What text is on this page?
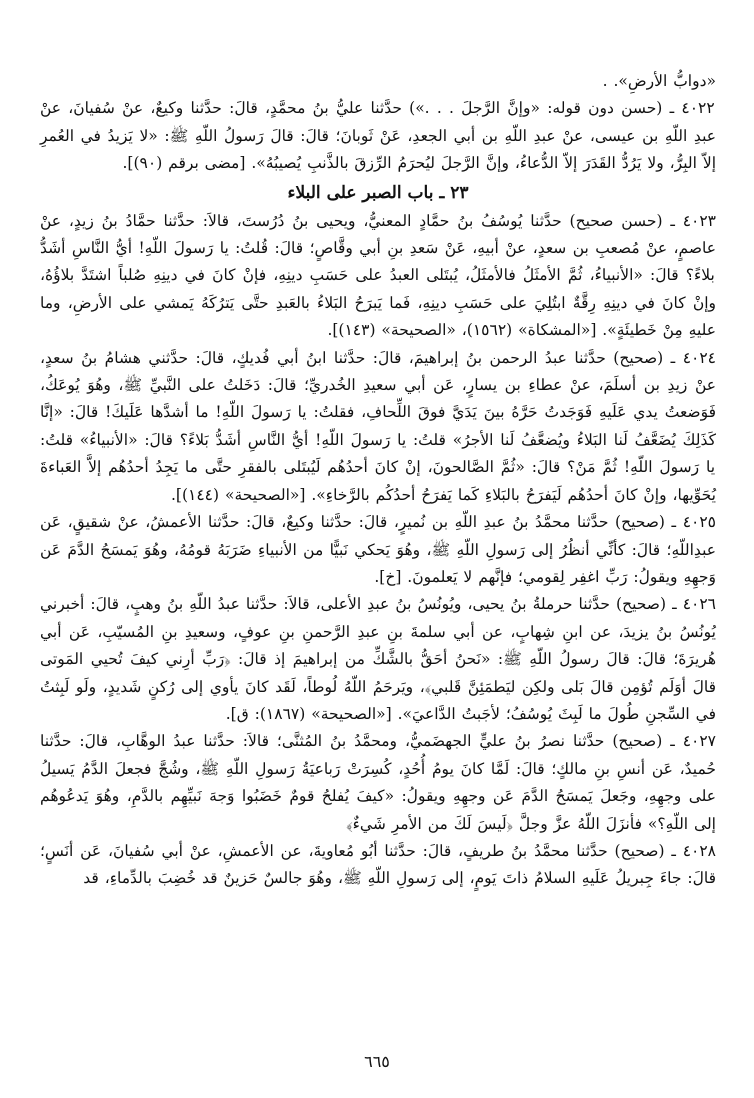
«دوابُّ الأرضِ». .

٤٠٢٢ ـ (حسن دون قوله: «وإنَّ الرَّجلَ . . .») حدَّثنا عليُّ بنُ محمَّدٍ، قالَ: حدَّثنا وكيعٌ، عنْ سُفيانَ، عنْ عبدِ اللّهِ بن عيسى، عنْ عبدِ اللّهِ بن أبي الجعدِ، عَنْ ثَوبانَ؛ قالَ: قالَ رَسولُ اللّهِ ﷺ: «لا يَزيدُ في العُمرِ إلاّ البِرُّ، ولا يَرُدُّ القَدَرَ إلاّ الدُّعاءُ، وإنَّ الرَّجلَ ليُحرَمُ الرِّزقَ بالذَّنبِ يُصيبُهُ». [مضى برقم (٩٠)].

٢٣ ـ باب الصبر على البلاء

٤٠٢٣ ـ (حسن صحيح) حدَّثنا يُوسُفُ بنُ حمَّادٍ المعنيُّ، ويحيى بنُ دُرُستَ، قالاَ: حدَّثنا حمَّادُ بنُ زيدٍ، عنْ عاصمٍ، عنْ مُصعبِ بن سعدٍ، عنْ أبيهِ، عَنْ سَعدِ بنِ أبي وقَّاصٍ؛ قالَ: قُلتُ: يا رَسولَ اللّهِ! أيُّ النَّاسِ أشَدُّ بلاءً؟ قالَ: «الأنبياءُ، ثُمَّ الأمثَلُ فالأمثَلُ، يُبتَلى العبدُ على حَسَبِ دينِهِ، فإنْ كانَ في دينِهِ صُلباً اشتَدَّ بلاؤُهُ، وإنْ كانَ في دينِهِ رِقَّةٌ ابتُلِيَ على حَسَبِ دينِهِ، فَما يَبرَحُ البَلاءُ بالعَبدِ حتَّى يَترُكَهُ يَمشي على الأرضِ، وما عليهِ مِنْ خَطيئَةٍ». [«المشكاة» (١٥٦٢)، «الصحيحة» (١٤٣)].

٤٠٢٤ ـ (صحيح) حدَّثنا عبدُ الرحمن بنُ إبراهيمَ، قالَ: حدَّثنا ابنُ أبي فُديكٍ، قالَ: حدَّثني هشامُ بنُ سعدٍ، عنْ زيدِ بن أسلَمَ، عنْ عطاءِ بن يسارٍ، عَن أبي سعيدِ الخُدريِّ؛ قالَ: دَخَلتُ على النَّبيِّ ﷺ، وهُوَ يُوعَكُ، فَوَضعتُ يدي عَلَيهِ فَوَجَدتُ حَرَّهُ بينَ يَدَيَّ فوقَ اللِّحافِ، فقلتُ: يا رَسولَ اللّهِ! ما أشدَّها عَلَيكَ! قالَ: «إنَّا كَذَلِكَ يُضَعَّفُ لَنا البَلاءُ ويُضعَّفُ لَنا الأجرُ» قلتُ: يا رَسولَ اللّهِ! أيُّ النَّاسِ أشَدُّ بَلاءً؟ قالَ: «الأنبياءُ» قلتُ: يا رَسولَ اللّهِ! ثُمَّ مَنْ؟ قالَ: «ثُمَّ الصَّالحونَ، إنْ كانَ أحدُهُم لَيُبتَلى بالفقرِ حتَّى ما يَجِدُ أحدُهُم إلاَّ العَباءةَ يُحَوِّيها، وإنْ كانَ أحدُهُم لَيَفرَحُ بالبَلاءِ كَما يَفرَحُ أحدُكُم بالرَّخاءِ». [«الصحيحة» (١٤٤)].

٤٠٢٥ ـ (صحيح) حدَّثنا محمَّدُ بنُ عبدِ اللّهِ بن نُميرٍ، قالَ: حدَّثنا وكيعٌ، قالَ: حدَّثنا الأعمشُ، عنْ شقيقٍ، عَن عبدِاللّهِ؛ قالَ: كأنِّي أنظُرُ إلى رَسولِ اللّهِ ﷺ، وهُوَ يَحكي نَبيًّا من الأنبياءِ ضَرَبَهُ قومُهُ، وهُوَ يَمسَحُ الدَّمَ عَن وَجهِهِ ويقولُ: رَبِّ اغفِر لِقومي؛ فإنَّهم لا يَعلمونَ. [خ].

٤٠٢٦ ـ (صحيح) حدَّثنا حرملةُ بنُ يحيى، ويُونُسُ بنُ عبدِ الأعلى، قالاَ: حدَّثنا عبدُ اللّهِ بنُ وهبٍ، قالَ: أخبرني يُونُسُ بنُ يزيدَ، عن ابنِ شِهابٍ، عن أبي سلمةَ بنِ عبدِ الرَّحمنِ بنِ عوفٍ، وسعيدِ بنِ المُسيّبِ، عَن أبي هُريرَةَ؛ قالَ: قالَ رسولُ اللّهِ ﷺ: «نَحنُ أحَقُّ بالشَّكِّ من إبراهيمَ إذ قالَ: ﴿رَبِّ أرِني كيفَ تُحيي المَوتى قالَ أوَلَم تُؤمِن قالَ بَلى ولكِن ليَطمَئِنَّ قَلبي﴾، ويَرحَمُ اللّهُ لُوطاً، لَقَد كانَ يأوي إلى رُكنٍ شَديدٍ، ولَو لَبِثتُ في السِّجنِ طُولَ ما لَبِثَ يُوسُفُ؛ لأجَبتُ الدَّاعيَ». [«الصحيحة» (١٨٦٧): ق].

٤٠٢٧ ـ (صحيح) حدَّثنا نصرُ بنُ عليٍّ الجهضَميُّ، ومحمَّدُ بنُ المُثنَّى؛ قالاَ: حدَّثنا عبدُ الوهَّابِ، قالَ: حدَّثنا حُميدٌ، عَن أنسِ بنِ مالكٍ؛ قالَ: لَمَّا كانَ يومُ أُحُدٍ، كُسِرَتْ رَباعيَةُ رَسولِ اللّهِ ﷺ، وشُجَّ فجعلَ الدَّمُ يَسيلُ على وجهِهِ، وجَعلَ يَمسَحُ الدَّمَ عَن وجهِهِ ويقولُ: «كيفَ يُفلحُ قومٌ خَضَبُوا وَجهَ نَبيِّهِم بالدَّمِ، وهُوَ يَدعُوهُم إلى اللّهِ؟» فأنزَلَ اللّهُ عزَّ وجلَّ ﴿لَيسَ لَكَ من الأمرِ شَيءٌ﴾

٤٠٢٨ ـ (صحيح) حدَّثنا محمَّدُ بنُ طريفٍ، قالَ: حدَّثنا أبُو مُعاويةَ، عن الأعمشِ، عنْ أبي سُفيانَ، عَن أنَسٍ؛ قالَ: جاءَ جِبريلُ عَلَيهِ السلامُ ذاتَ يَومٍ، إلى رَسولِ اللّهِ ﷺ، وهُوَ جالسٌ حَزينٌ قد خُضِبَ بالدِّماءِ، قد

٦٦٥
